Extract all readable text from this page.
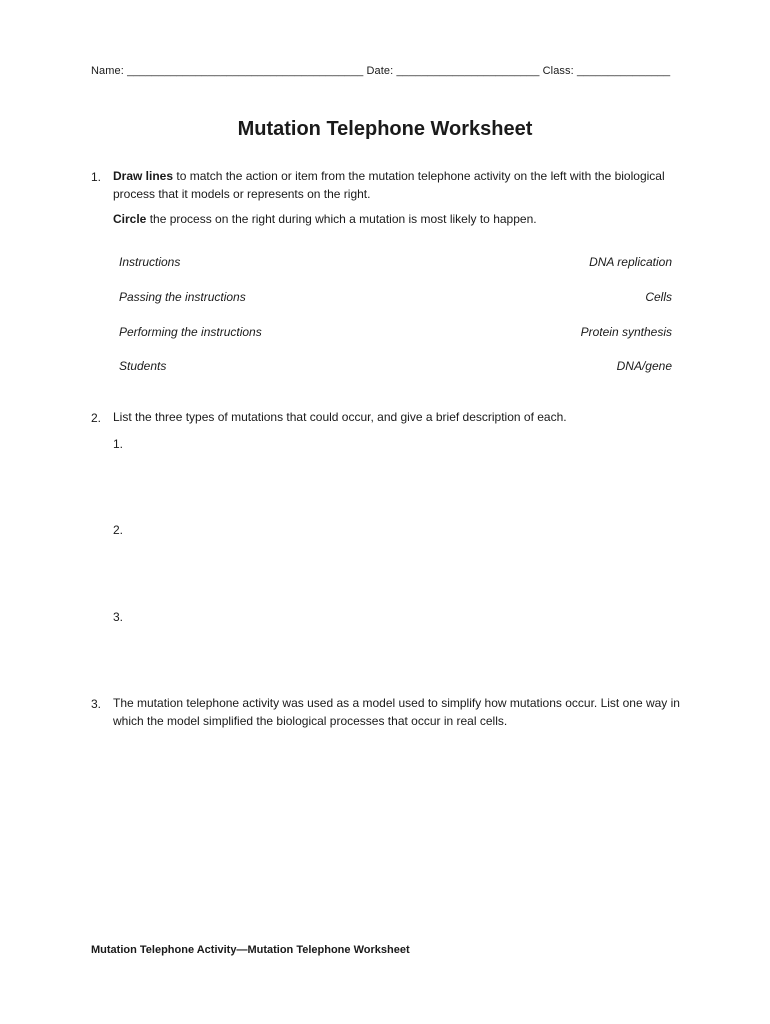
Name: ______________________________________ Date: _______________________ Class: _______________
Mutation Telephone Worksheet
1. Draw lines to match the action or item from the mutation telephone activity on the left with the biological process that it models or represents on the right.
Circle the process on the right during which a mutation is most likely to happen.
Instructions
Passing the instructions
Performing the instructions
Students
DNA replication
Cells
Protein synthesis
DNA/gene
2. List the three types of mutations that could occur, and give a brief description of each.
1.
2.
3.
3. The mutation telephone activity was used as a model used to simplify how mutations occur. List one way in which the model simplified the biological processes that occur in real cells.
Mutation Telephone Activity—Mutation Telephone Worksheet
